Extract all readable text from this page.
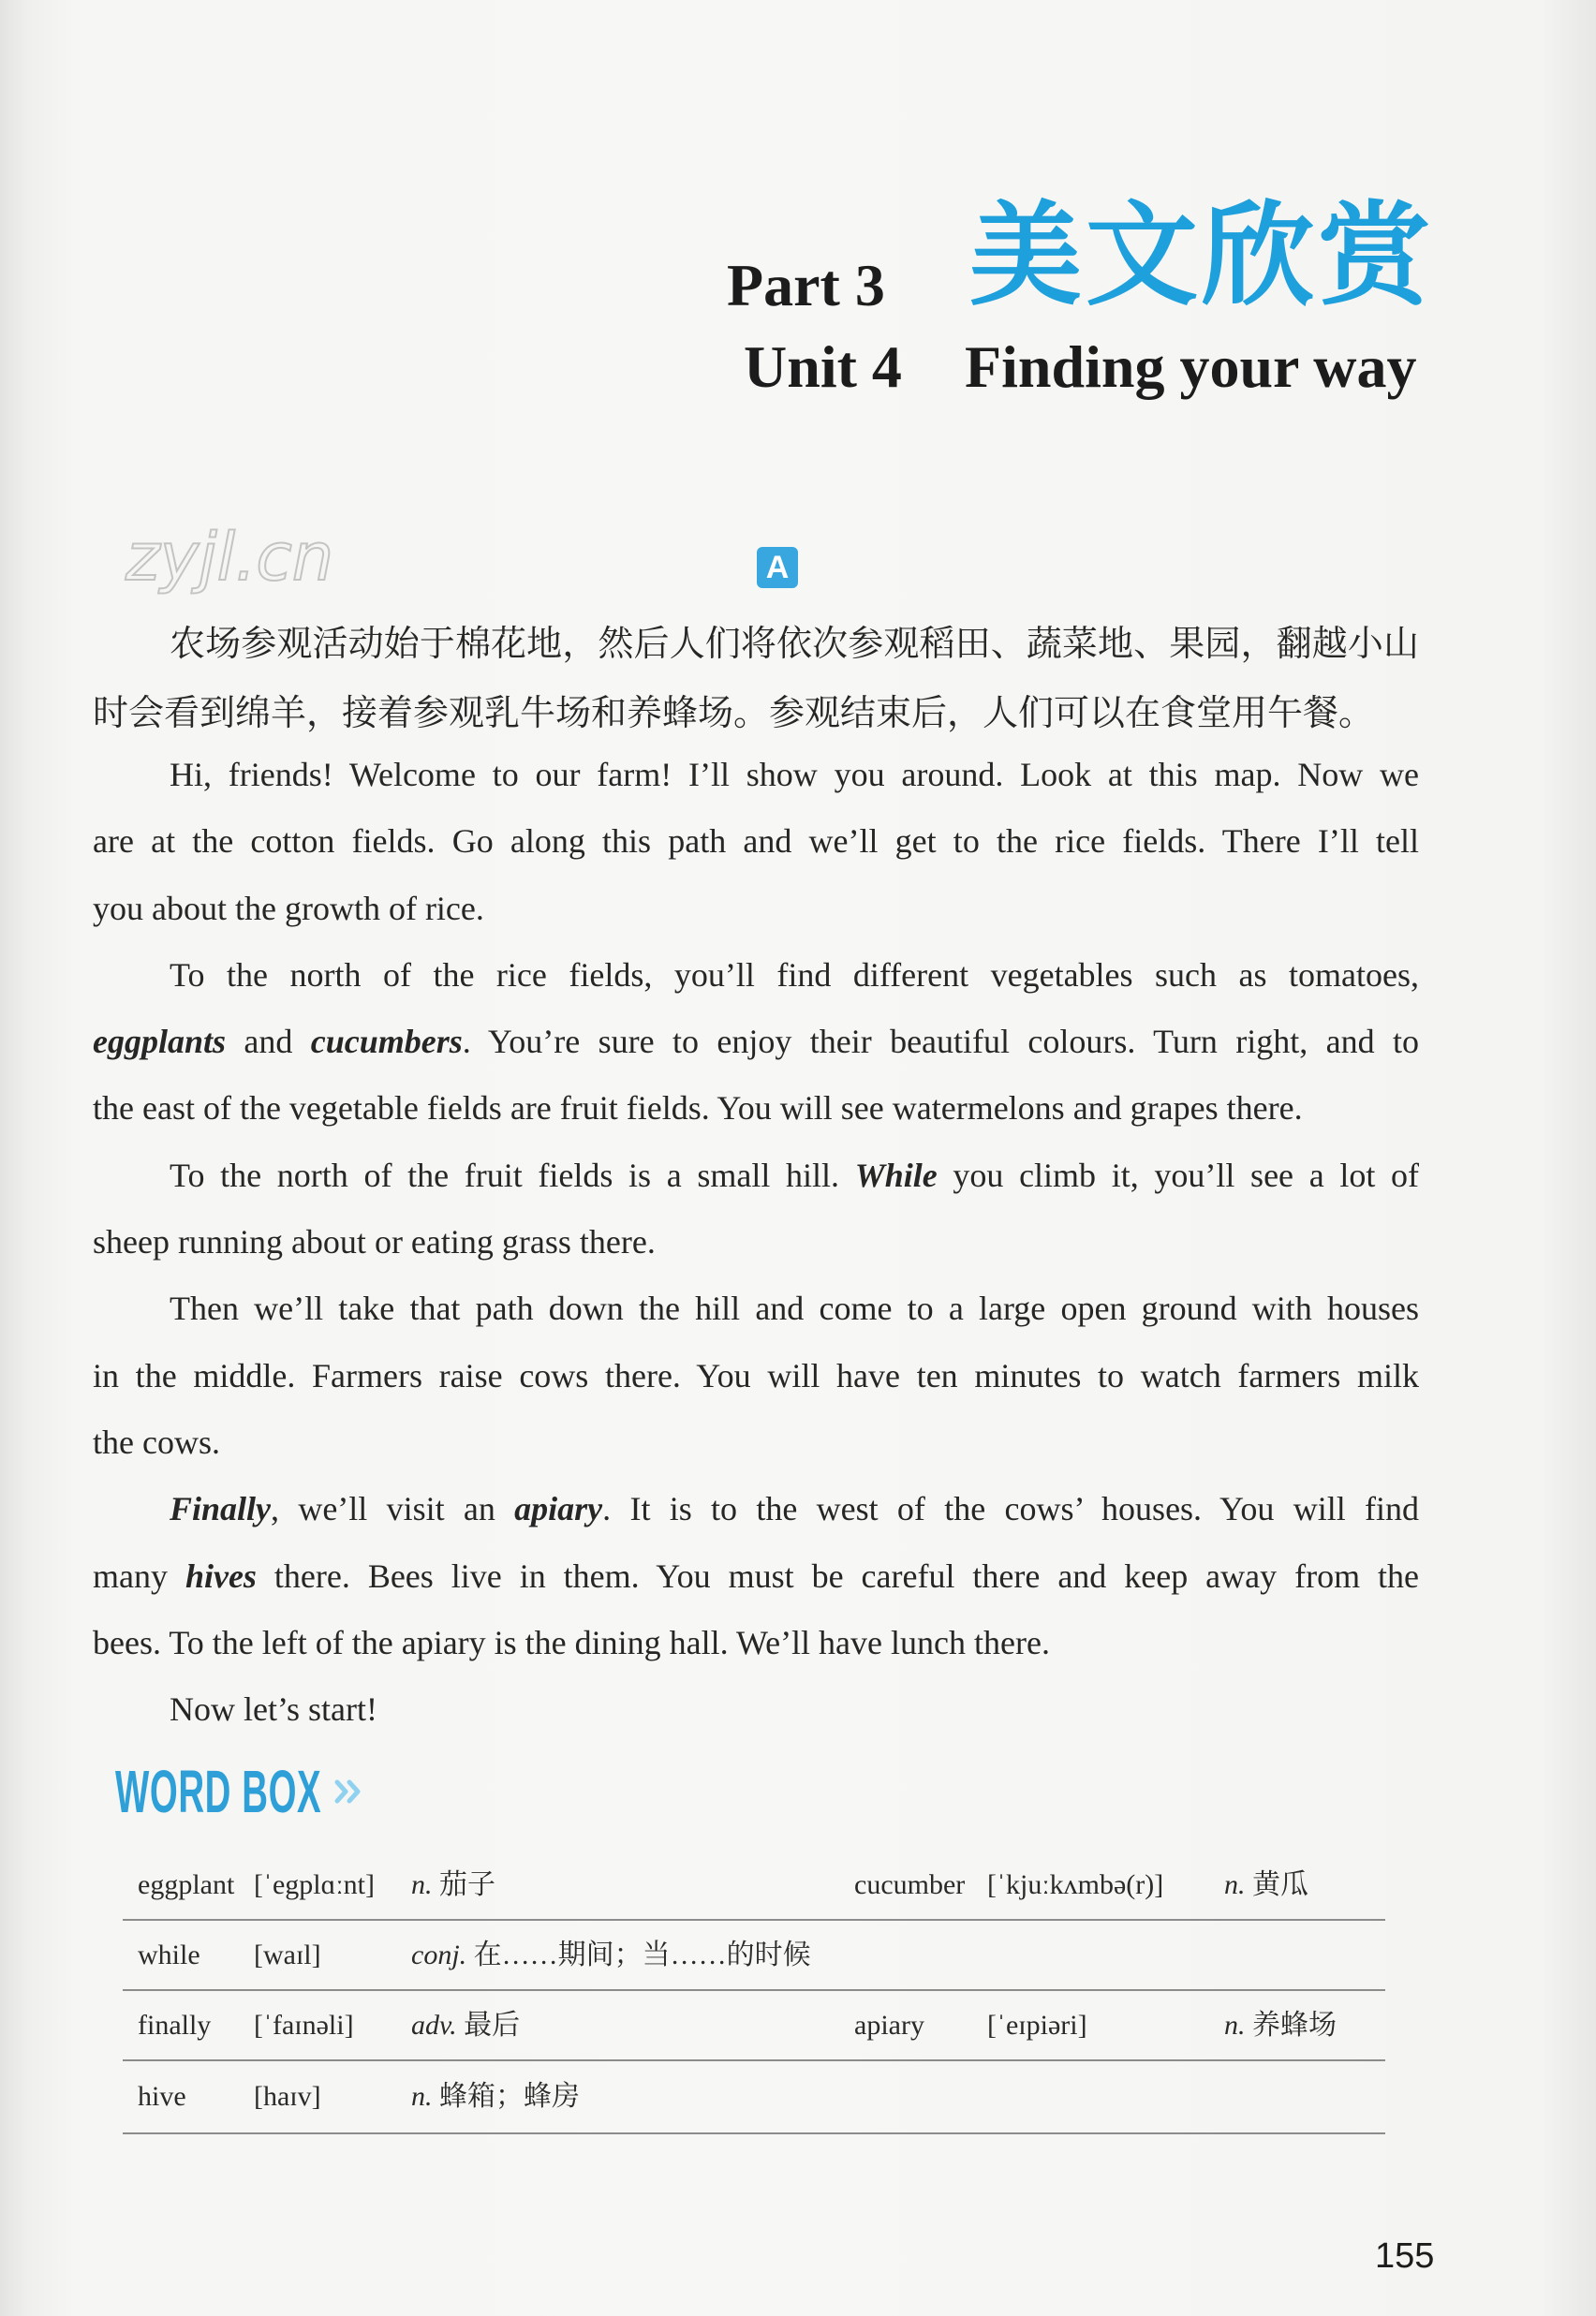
Part 3 美文欣赏
Unit 4 Finding your way
zyjl.cn	A
农场参观活动始于棉花地，然后人们将依次参观稻田、蔬菜地、果园，翻越小山
时会看到绵羊，接着参观乳牛场和养蜂场。参观结束后，人们可以在食堂用午餐。
Hi, friends! Welcome to our farm! I’ll show you around. Look at this map. Now we
are at the cotton fields. Go along this path and we’ll get to the rice fields. There I’ll tell
you about the growth of rice.
To the north of the rice fields, you’ll find different vegetables such as tomatoes,
eggplants and cucumbers. You’re sure to enjoy their beautiful colours. Turn right, and to
the east of the vegetable fields are fruit fields. You will see watermelons and grapes there.
To the north of the fruit fields is a small hill. While you climb it, you’ll see a lot of
sheep running about or eating grass there.
Then we’ll take that path down the hill and come to a large open ground with houses
in the middle. Farmers raise cows there. You will have ten minutes to watch farmers milk
the cows.
Finally, we’ll visit an apiary. It is to the west of the cows’ houses. You will find
many hives there. Bees live in them. You must be careful there and keep away from the
bees. To the left of the apiary is the dining hall. We’ll have lunch there.
Now let’s start!
WORD BOX
eggplant [ˈegplɑːnt] n. 茄子	cucumber [ˈkjuːkʌmbə(r)] n. 黄瓜
while [waɪl]	conj. 在……期间；当……的时候
finally [ˈfaɪnəli] adv. 最后	apiary [ˈeɪpiəri]	n. 养蜂场
hive [haɪv]	n. 蜂箱；蜂房
155
